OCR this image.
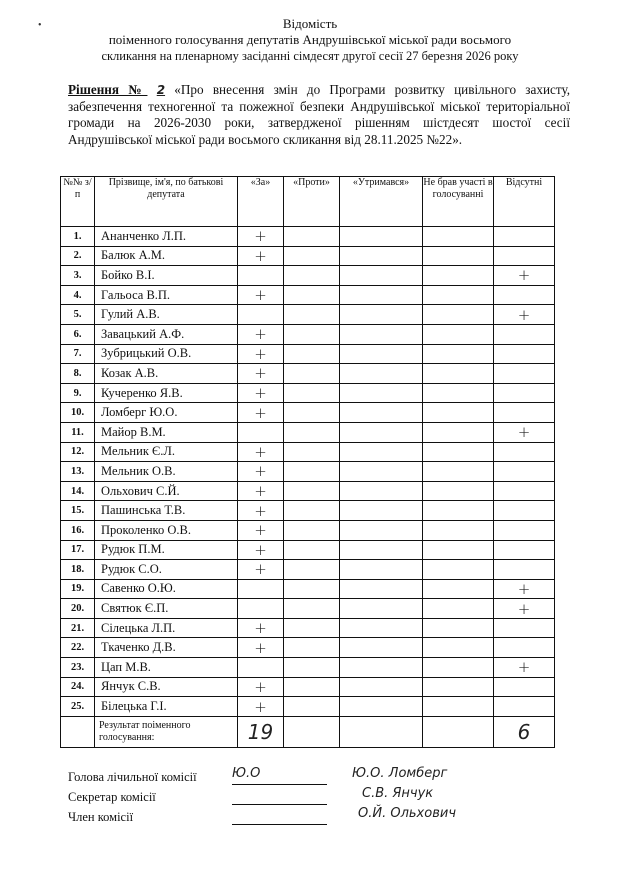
Відомість
поіменного голосування депутатів Андрушівської міської ради восьмого
скликання на пленарному засіданні сімдесят другої сесії 27 березня 2026 року
Рішення № 2 «Про внесення змін до Програми розвитку цивільного захисту, забезпечення техногенної та пожежної безпеки Андрушівської міської територіальної громади на 2026-2030 роки, затвердженої рішенням шістдесят шостої сесії Андрушівської міської ради восьмого скликання від 28.11.2025 №22».
№№ з/п	Прізвище, ім'я, по батькові депутата	«За»	«Проти»	«Утримався»	Не брав участі в голосуванні	Відсутні
1.	Ананченко Л.П.	+				
2.	Балюк А.М.	+				
3.	Бойко В.І.					+
4.	Гальоса В.П.	+				
5.	Гулий А.В.					+
6.	Завацький А.Ф.	+				
7.	Зубрицький О.В.	+				
8.	Козак А.В.	+				
9.	Кучеренко Я.В.	+				
10.	Ломберг Ю.О.	+				
11.	Майор В.М.					+
12.	Мельник Є.Л.	+				
13.	Мельник О.В.	+				
14.	Ольхович С.Й.	+				
15.	Пашинська Т.В.	+				
16.	Проколенко О.В.	+				
17.	Рудюк П.М.	+				
18.	Рудюк С.О.	+				
19.	Савенко О.Ю.					+
20.	Святюк Є.П.					+
21.	Сілецька Л.П.	+				
22.	Ткаченко Д.В.	+				
23.	Цап М.В.					+
24.	Янчук С.В.	+				
25.	Білецька Г.І.	+				
	Результат поіменного голосування:	19				6
Голова лічильної комісії
Секретар комісії
Член комісії
Ю.О	Ю.О. Ломберг
С.В. Янчук
О.Й. Ольхович
•
